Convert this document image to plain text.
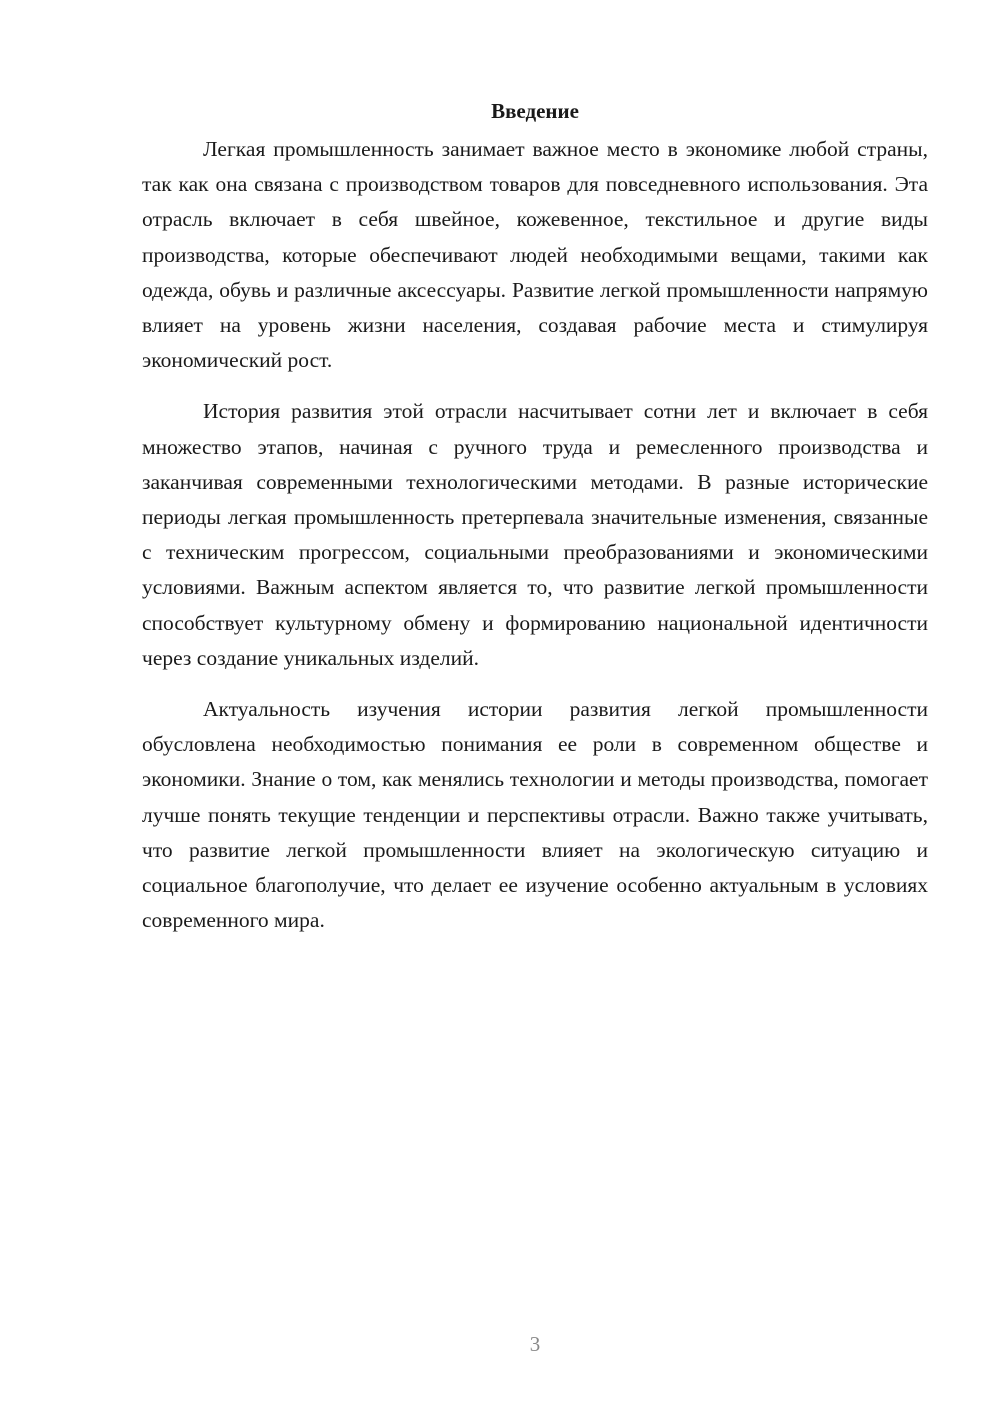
Введение

Легкая промышленность занимает важное место в экономике любой страны, так как она связана с производством товаров для повседневного использования. Эта отрасль включает в себя швейное, кожевенное, текстильное и другие виды производства, которые обеспечивают людей необходимыми вещами, такими как одежда, обувь и различные аксессуары. Развитие легкой промышленности напрямую влияет на уровень жизни населения, создавая рабочие места и стимулируя экономический рост.

История развития этой отрасли насчитывает сотни лет и включает в себя множество этапов, начиная с ручного труда и ремесленного производства и заканчивая современными технологическими методами. В разные исторические периоды легкая промышленность претерпевала значительные изменения, связанные с техническим прогрессом, социальными преобразованиями и экономическими условиями. Важным аспектом является то, что развитие легкой промышленности способствует культурному обмену и формированию национальной идентичности через создание уникальных изделий.

Актуальность изучения истории развития легкой промышленности обусловлена необходимостью понимания ее роли в современном обществе и экономики. Знание о том, как менялись технологии и методы производства, помогает лучше понять текущие тенденции и перспективы отрасли. Важно также учитывать, что развитие легкой промышленности влияет на экологическую ситуацию и социальное благополучие, что делает ее изучение особенно актуальным в условиях современного мира.

3
